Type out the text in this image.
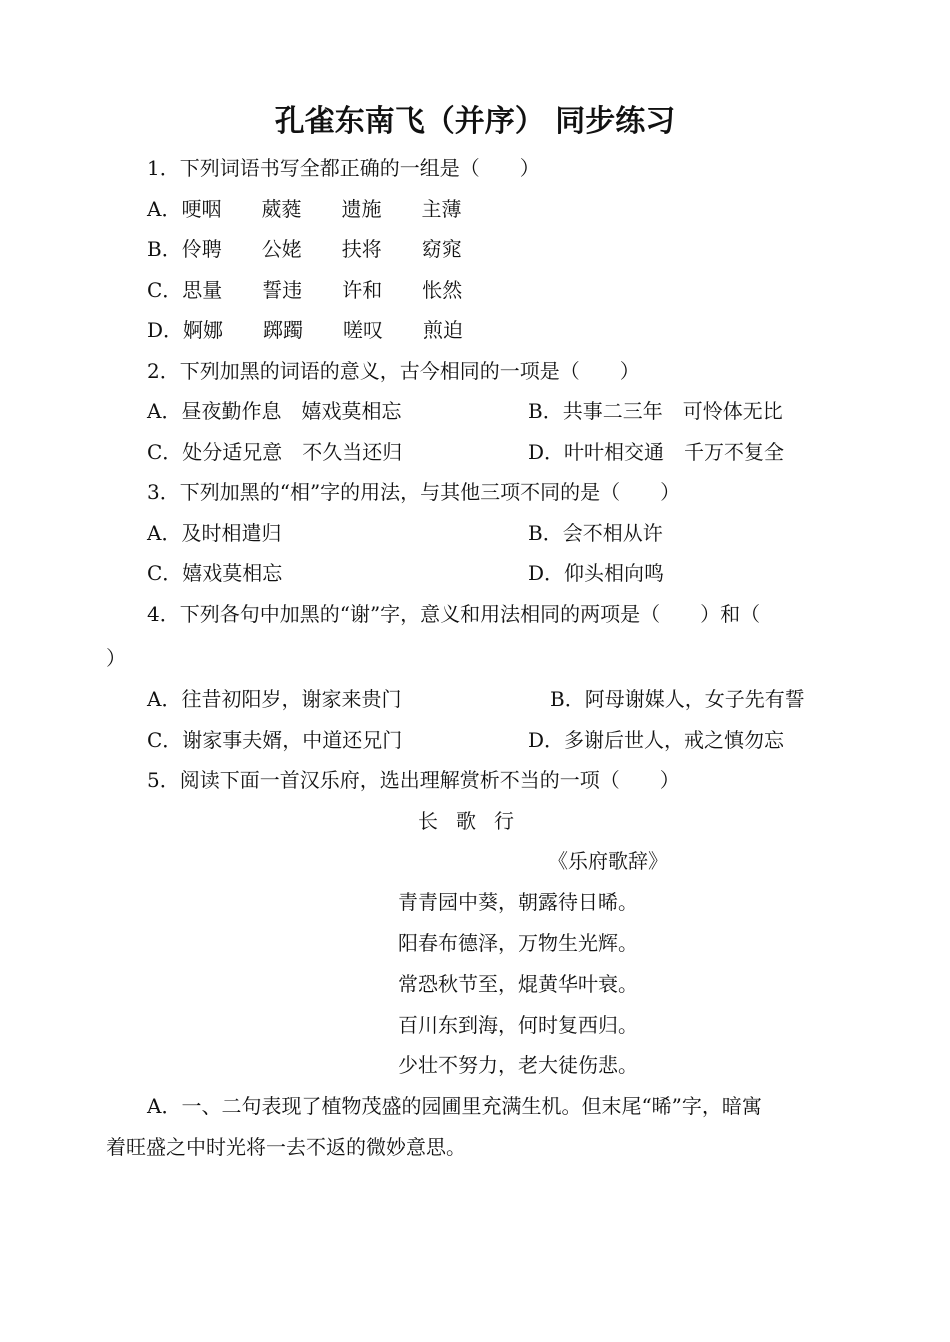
孔雀东南飞（并序） 同步练习
1．下列词语书写全都正确的一组是（　　）
A．哽咽　　葳蕤　　遗施　　主薄
B．伶聘　　公姥　　扶将　　窈窕
C．思量　　誓违　　许和　　怅然
D．婀娜　　踯躅　　嗟叹　　煎迫
2．下列加黑的词语的意义，古今相同的一项是（　　）
A．昼夜勤作息　嬉戏莫相忘	B．共事二三年　可怜体无比
C．处分适兄意　不久当还归	D．叶叶相交通　千万不复全
3．下列加黑的“相”字的用法，与其他三项不同的是（　　）
A．及时相遣归	B．会不相从许
C．嬉戏莫相忘	D．仰头相向鸣
4．下列各句中加黑的“谢”字，意义和用法相同的两项是（　　）和（
）
A．往昔初阳岁，谢家来贵门	B．阿母谢媒人，女子先有誓
C．谢家事夫婿，中道还兄门	D．多谢后世人，戒之慎勿忘
5．阅读下面一首汉乐府，选出理解赏析不当的一项（　　）
长歌行
《乐府歌辞》
青青园中葵，朝露待日晞。
阳春布德泽，万物生光辉。
常恐秋节至，焜黄华叶衰。
百川东到海，何时复西归。
少壮不努力，老大徒伤悲。
A．一、二句表现了植物茂盛的园圃里充满生机。但末尾“晞”字，暗寓
着旺盛之中时光将一去不返的微妙意思。
